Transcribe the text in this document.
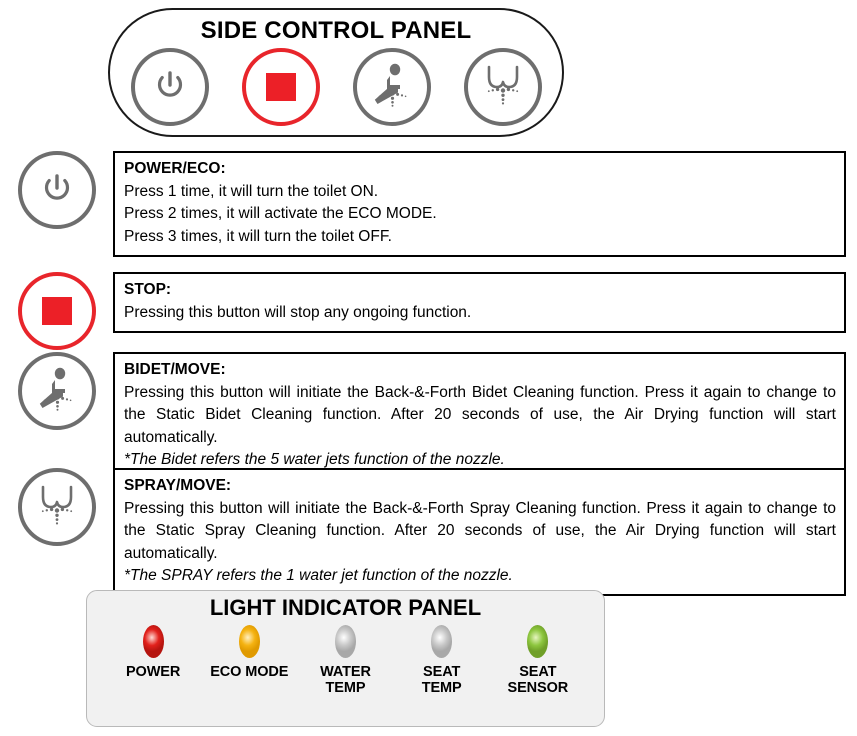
SIDE CONTROL PANEL
POWER/ECO:
Press 1 time, it will turn the toilet ON.
Press 2 times, it will activate the ECO MODE.
Press 3 times, it will turn the toilet OFF.
STOP:
Pressing this button will stop any ongoing function.
BIDET/MOVE:
Pressing this button will initiate the Back-&-Forth Bidet Cleaning function. Press it again to change to the Static Bidet Cleaning function. After 20 seconds of use, the Air Drying function will start automatically.
*The Bidet refers the 5 water jets function of the nozzle.
SPRAY/MOVE:
Pressing this button will initiate the Back-&-Forth Spray Cleaning function. Press it again to change to the Static Spray Cleaning function. After 20 seconds of use, the Air Drying function will start automatically.
*The SPRAY refers the 1 water jet function of the nozzle.
LIGHT INDICATOR PANEL
POWER ECO MODE WATER
TEMP
SEAT
TEMP
SEAT
SENSOR
